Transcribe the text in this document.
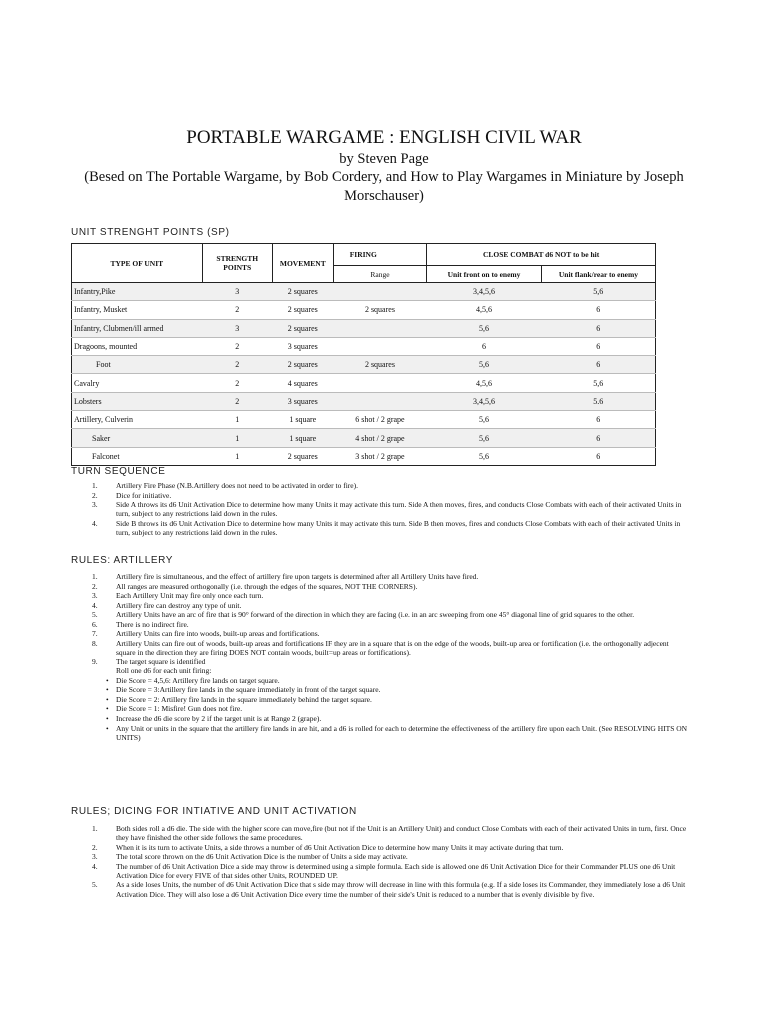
PORTABLE WARGAME : ENGLISH CIVIL WAR
by Steven Page
(Besed on The Portable Wargame, by Bob Cordery, and How to Play Wargames in Miniature by Joseph Morschauser)
UNIT STRENGHT POINTS (SP)
TYPE OF UNIT	STRENGTH POINTS	MOVEMENT	FIRING	CLOSE COMBAT d6 NOT to be hit	
			Range	Unit front on to enemy	Unit flank/rear to enemy
Infantry,Pike	3	2 squares		3,4,5,6	5,6
Infantry, Musket	2	2 squares	2 squares	4,5,6	6
Infantry, Clubmen/ill armed	3	2 squares		5,6	6
Dragoons, mounted	2	3 squares		6	6
Foot	2	2 squares	2 squares	5,6	6
Cavalry	2	4 squares		4,5,6	5,6
Lobsters	2	3 squares		3,4,5,6	5.6
Artillery, Culverin	1	1 square	6 shot / 2 grape	5,6	6
Saker	1	1 square	4 shot / 2 grape	5,6	6
Falconet	1	2 squares	3 shot / 2 grape	5,6	6
TURN SEQUENCE
1. Artillery Fire Phase (N.B.Artillery does not need to be activated in order to fire).
2. Dice for initiative.
3. Side A throws its d6 Unit Activation Dice to determine how many Units it may activate this turn. Side A then moves, fires, and conducts Close Combats with each of their activated Units in turn, subject to any restrictions laid down in the rules.
4. Side B throws its d6 Unit Activation Dice to determine how many Units it may activate this turn. Side B then moves, fires and conducts Close Combats with each of their activated Units in turn, subject to any restrictions laid down in the rules.
RULES: ARTILLERY
1. Artillery fire is simultaneous, and the effect of artillery fire upon targets is determined after all Artillery Units have fired.
2. All ranges are measured orthogonally (i.e. through the edges of the squares, NOT THE CORNERS).
3. Each Artillery Unit may fire only once each turn.
4. Artillery fire can destroy any type of unit.
5. Artillery Units have an arc of fire that is 90° forward of the direction in which they are facing (i.e. in an arc sweeping from one 45° diagonal line of grid squares to the other.
6. There is no indirect fire.
7. Artillery Units can fire into woods, built-up areas and fortifications.
8. Artillery Units can fire out of woods, built-up areas and fortifications IF they are in a square that is on the edge of the woods, built-up area or fortification (i.e. the orthogonally adjecent square in the direction they are firing DOES NOT contain woods, built=up areas or fortifications).
9. The target square is identified
Roll one d6 for each unit firing:
• Die Score = 4,5,6: Artillery fire lands on target square.
• Die Score = 3:Artillery fire lands in the square immediately in front of the target square.
• Die Score = 2: Artillery fire lands in the square immediately behind the target square.
• Die Score = 1: Misfire! Gun does not fire.
• Increase the d6 die score by 2 if the target unit is at Range 2 (grape).
• Any Unit or units in the square that the artillery fire lands in are hit, and a d6 is rolled for each to determine the effectiveness of the artillery fire upon each Unit. (See RESOLVING HITS ON UNITS)
RULES; DICING FOR INTIATIVE AND UNIT ACTIVATION
1. Both sides roll a d6 die. The side with the higher score can move,fire (but not if the Unit is an Artillery Unit) and conduct Close Combats with each of their activated Units in turn, first. Once they have finished the other side follows the same procedures.
2. When it is its turn to activate Units, a side throws a number of d6 Unit Activation Dice to determine how many Units it may activate during that turn.
3. The total score thrown on the d6 Unit Activation Dice is the number of Units a side may activate.
4. The number of d6 Unit Activation Dice a side may throw is determined using a simple formula. Each side is allowed one d6 Unit Activation Dice for their Commander PLUS one d6 Unit Activation Dice for every FIVE of that sides other Units, ROUNDED UP.
5. As a side loses Units, the number of d6 Unit Activation Dice that s side may throw will decrease in line with this formula (e.g. If a side loses its Commander, they immediately lose a d6 Unit Activation Dice. They will also lose a d6 Unit Activation Dice every time the number of their side's Unit is reduced to a number that is evenly divisible by five.
